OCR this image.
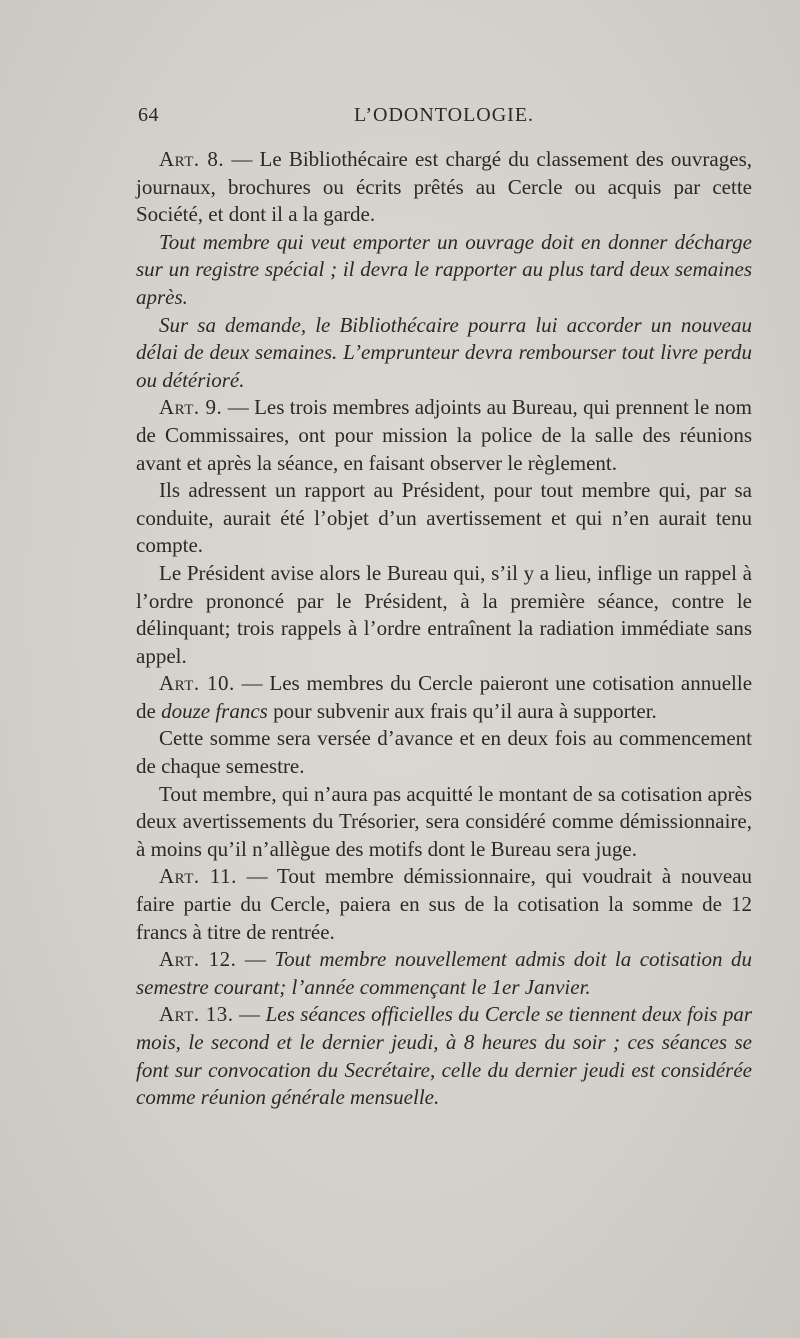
64	L’ODONTOLOGIE.

Art. 8. — Le Bibliothécaire est chargé du classement des ouvrages, journaux, brochures ou écrits prêtés au Cercle ou acquis par cette Société, et dont il a la garde.

Tout membre qui veut emporter un ouvrage doit en donner décharge sur un registre spécial ; il devra le rapporter au plus tard deux semaines après.

Sur sa demande, le Bibliothécaire pourra lui accorder un nouveau délai de deux semaines. L’emprunteur devra rembourser tout livre perdu ou détérioré.

Art. 9. — Les trois membres adjoints au Bureau, qui prennent le nom de Commissaires, ont pour mission la police de la salle des réunions avant et après la séance, en faisant observer le règlement.

Ils adressent un rapport au Président, pour tout membre qui, par sa conduite, aurait été l’objet d’un avertissement et qui n’en aurait tenu compte.

Le Président avise alors le Bureau qui, s’il y a lieu, inflige un rappel à l’ordre prononcé par le Président, à la première séance, contre le délinquant; trois rappels à l’ordre entraînent la radiation immédiate sans appel.

Art. 10. — Les membres du Cercle paieront une cotisation annuelle de douze francs pour subvenir aux frais qu’il aura à supporter.

Cette somme sera versée d’avance et en deux fois au commencement de chaque semestre.

Tout membre, qui n’aura pas acquitté le montant de sa cotisation après deux avertissements du Trésorier, sera considéré comme démissionnaire, à moins qu’il n’allègue des motifs dont le Bureau sera juge.

Art. 11. — Tout membre démissionnaire, qui voudrait à nouveau faire partie du Cercle, paiera en sus de la cotisation la somme de 12 francs à titre de rentrée.

Art. 12. — Tout membre nouvellement admis doit la cotisation du semestre courant; l’année commençant le 1er Janvier.

Art. 13. — Les séances officielles du Cercle se tiennent deux fois par mois, le second et le dernier jeudi, à 8 heures du soir ; ces séances se font sur convocation du Secrétaire, celle du dernier jeudi est considérée comme réunion générale mensuelle.
